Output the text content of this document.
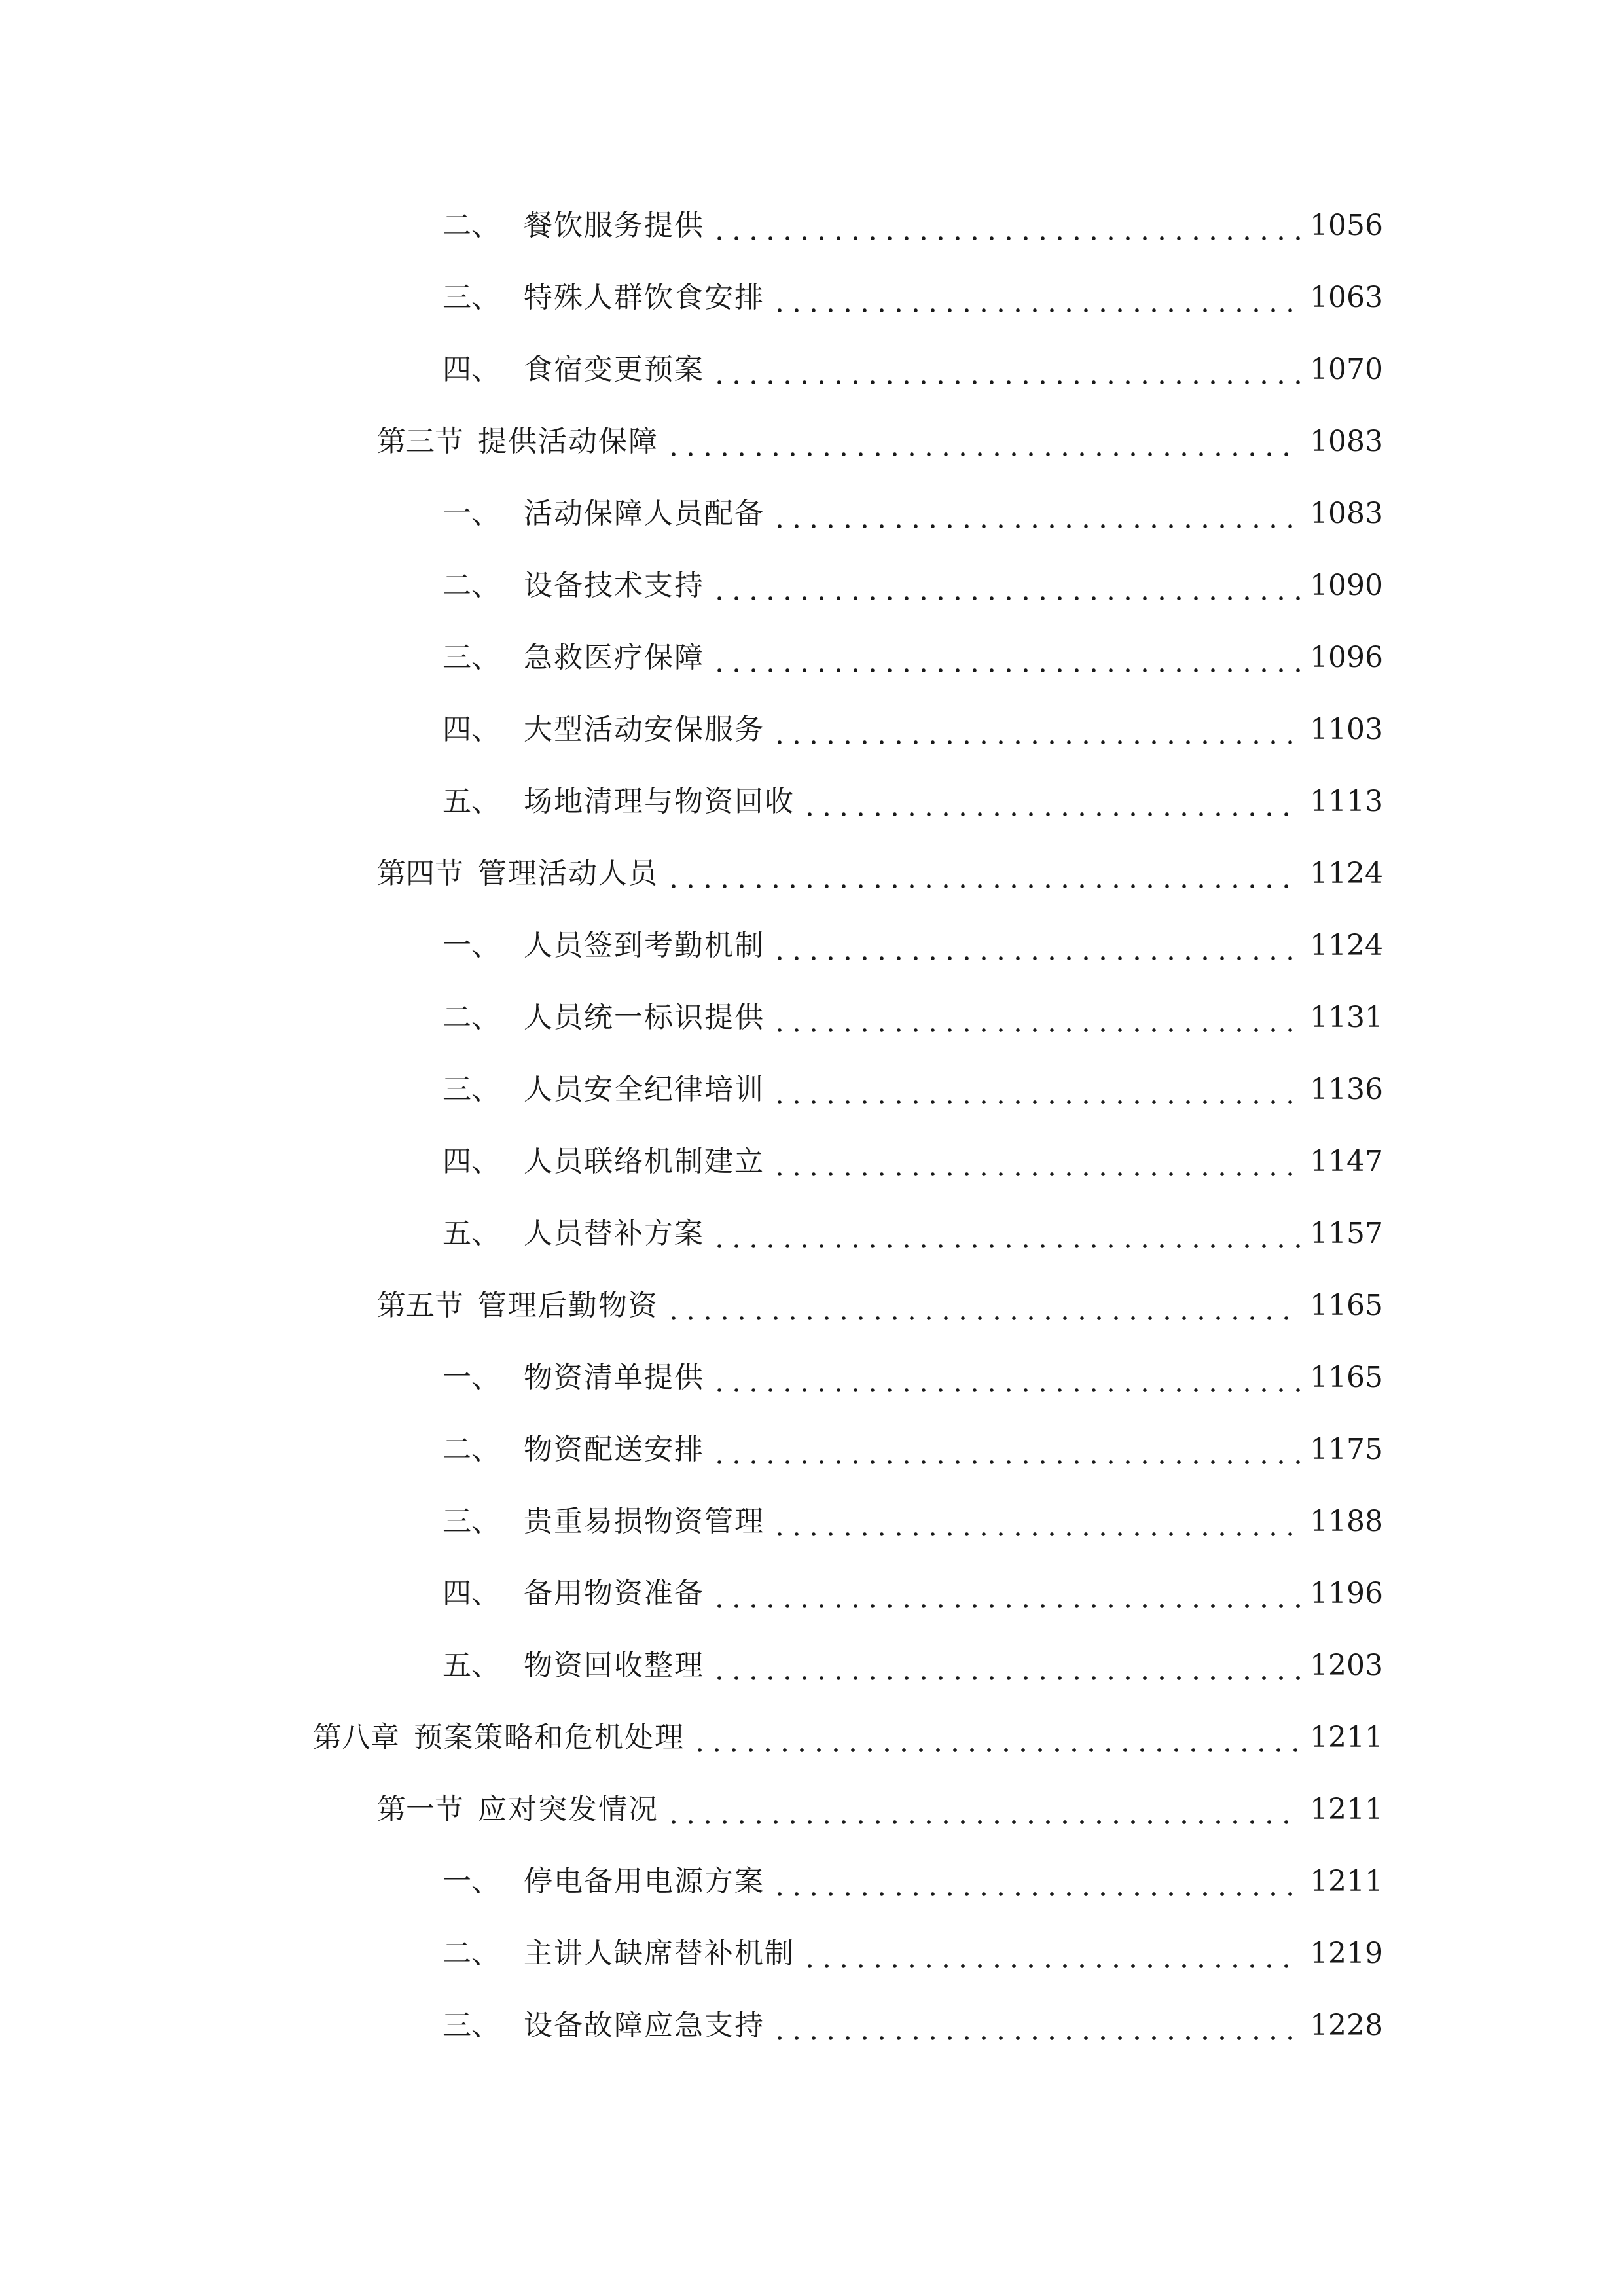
二、 餐饮服务提供	1056
三、 特殊人群饮食安排	1063
四、 食宿变更预案	1070
第三节 提供活动保障	1083
一、 活动保障人员配备	1083
二、 设备技术支持	1090
三、 急救医疗保障	1096
四、 大型活动安保服务	1103
五、 场地清理与物资回收	1113
第四节 管理活动人员	1124
一、 人员签到考勤机制	1124
二、 人员统一标识提供	1131
三、 人员安全纪律培训	1136
四、 人员联络机制建立	1147
五、 人员替补方案	1157
第五节 管理后勤物资	1165
一、 物资清单提供	1165
二、 物资配送安排	1175
三、 贵重易损物资管理	1188
四、 备用物资准备	1196
五、 物资回收整理	1203
第八章 预案策略和危机处理	1211
第一节 应对突发情况	1211
一、 停电备用电源方案	1211
二、 主讲人缺席替补机制	1219
三、 设备故障应急支持	1228
